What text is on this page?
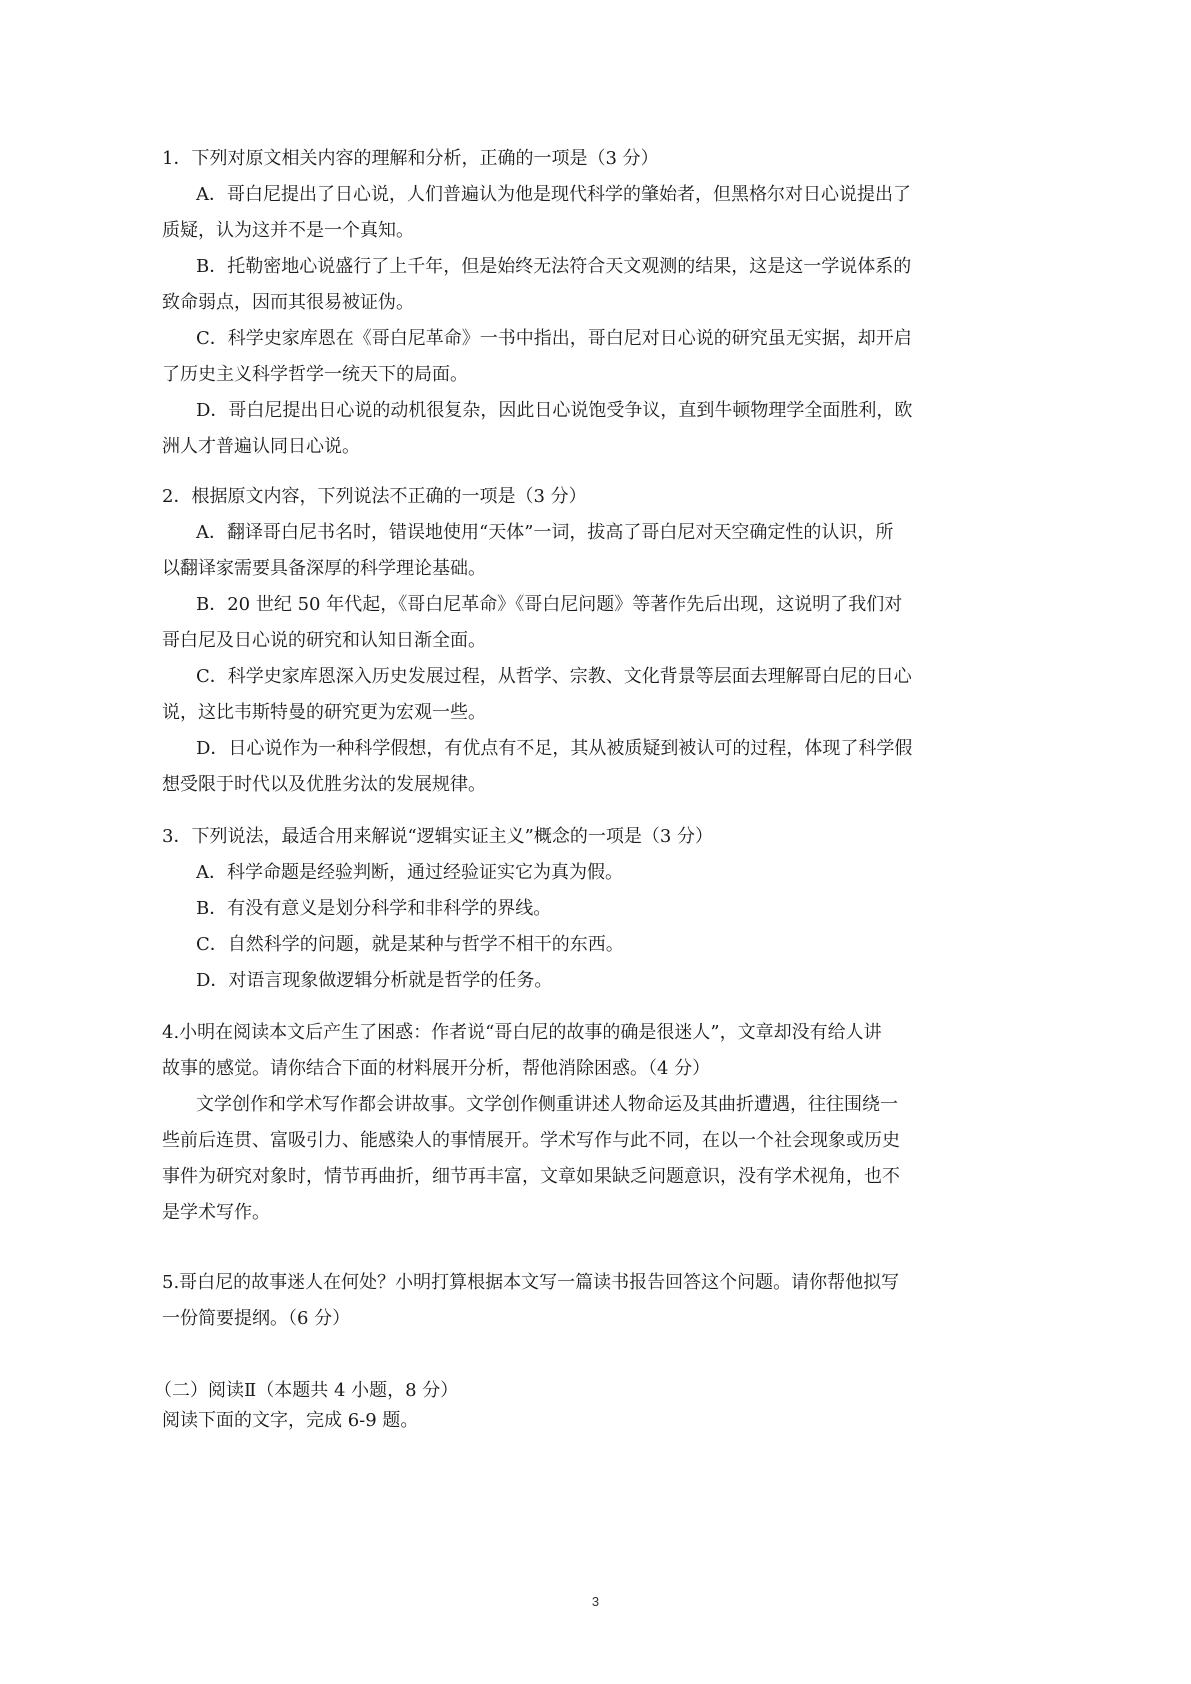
1．下列对原文相关内容的理解和分析，正确的一项是（3 分）
A．哥白尼提出了日心说，人们普遍认为他是现代科学的肇始者，但黑格尔对日心说提出了
质疑，认为这并不是一个真知。
B．托勒密地心说盛行了上千年，但是始终无法符合天文观测的结果，这是这一学说体系的
致命弱点，因而其很易被证伪。
C．科学史家库恩在《哥白尼革命》一书中指出，哥白尼对日心说的研究虽无实据，却开启
了历史主义科学哲学一统天下的局面。
D．哥白尼提出日心说的动机很复杂，因此日心说饱受争议，直到牛顿物理学全面胜利，欧
洲人才普遍认同日心说。
2．根据原文内容，下列说法不正确的一项是（3 分）
A．翻译哥白尼书名时，错误地使用“天体”一词，拔高了哥白尼对天空确定性的认识，所
以翻译家需要具备深厚的科学理论基础。
B．20 世纪 50 年代起，《哥白尼革命》《哥白尼问题》等著作先后出现，这说明了我们对
哥白尼及日心说的研究和认知日渐全面。
C．科学史家库恩深入历史发展过程，从哲学、宗教、文化背景等层面去理解哥白尼的日心
说，这比韦斯特曼的研究更为宏观一些。
D．日心说作为一种科学假想，有优点有不足，其从被质疑到被认可的过程，体现了科学假
想受限于时代以及优胜劣汰的发展规律。
3．下列说法，最适合用来解说“逻辑实证主义”概念的一项是（3 分）
A．科学命题是经验判断，通过经验证实它为真为假。
B．有没有意义是划分科学和非科学的界线。
C．自然科学的问题，就是某种与哲学不相干的东西。
D．对语言现象做逻辑分析就是哲学的任务。
4.小明在阅读本文后产生了困惑：作者说“哥白尼的故事的确是很迷人”，文章却没有给人讲
故事的感觉。请你结合下面的材料展开分析，帮他消除困惑。（4 分）
文学创作和学术写作都会讲故事。文学创作侧重讲述人物命运及其曲折遭遇，往往围绕一
些前后连贯、富吸引力、能感染人的事情展开。学术写作与此不同，在以一个社会现象或历史
事件为研究对象时，情节再曲折，细节再丰富，文章如果缺乏问题意识，没有学术视角，也不
是学术写作。
5.哥白尼的故事迷人在何处？小明打算根据本文写一篇读书报告回答这个问题。请你帮他拟写
一份简要提纲。（6 分）
（二）阅读Ⅱ（本题共 4 小题，8 分）
阅读下面的文字，完成 6-9 题。
3
